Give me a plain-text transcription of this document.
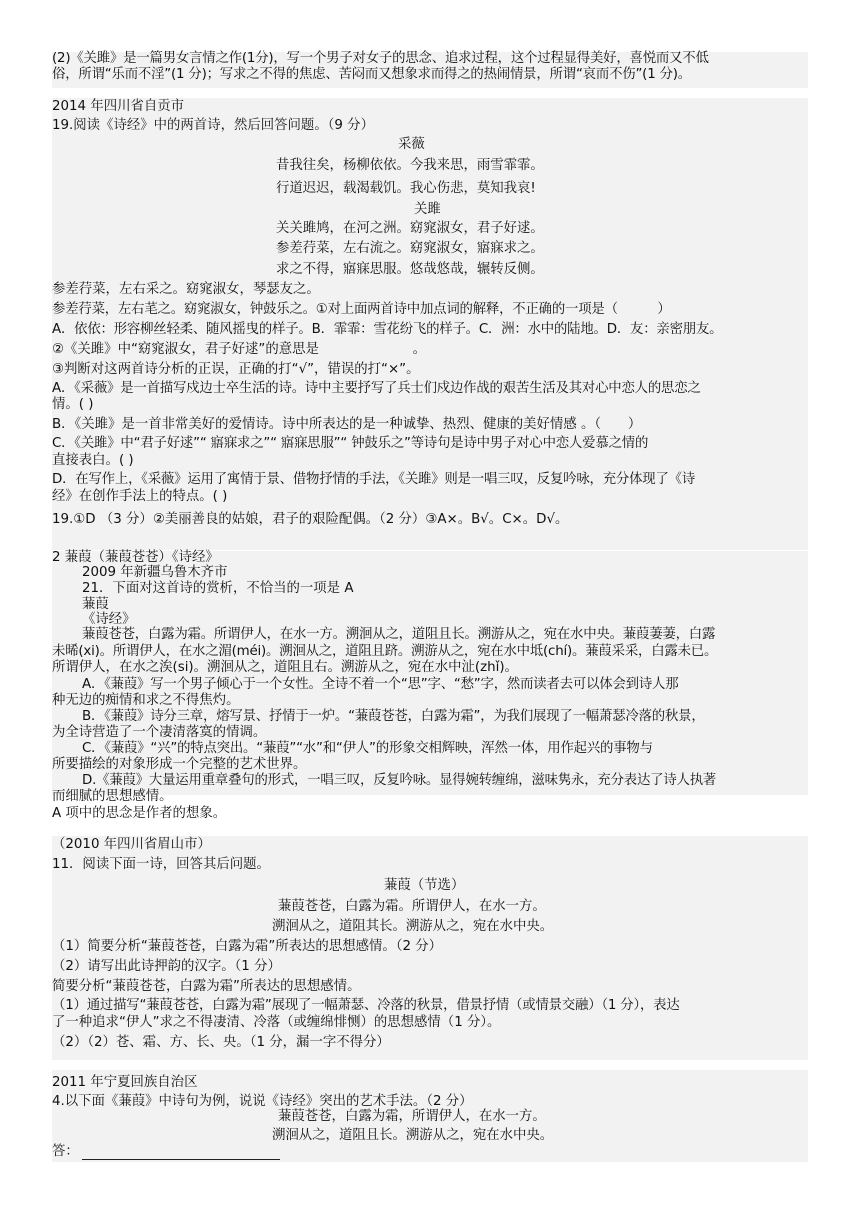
(2)《关雎》是一篇男女言情之作(1分)，写一个男子对女子的思念、追求过程，这个过程显得美好，喜悦而又不低
俗，所谓“乐而不淫”(1 分)；写求之不得的焦虑、苦闷而又想象求而得之的热闹情景，所谓“哀而不伤”(1 分)。
2014 年四川省自贡市
19.阅读《诗经》中的两首诗，然后回答问题。（9 分）
采薇
昔我往矣，杨柳依依。今我来思，雨雪霏霏。
行道迟迟，载渴载饥。我心伤悲，莫知我哀!
关雎
关关雎鸠，在河之洲。窈窕淑女，君子好逑。
参差荇菜，左右流之。窈窕淑女，寤寐求之。
求之不得，寤寐思服。悠哉悠哉，辗转反侧。
参差荇菜，左右采之。窈窕淑女，琴瑟友之。
参差荇菜，左右芼之。窈窕淑女，钟鼓乐之。①对上面两首诗中加点词的解释，不正确的一项是（　　　）
A．依依：形容柳丝轻柔、随风摇曳的样子。B．霏霏：雪花纷飞的样子。C．洲：水中的陆地。D．友：亲密朋友。
②《关雎》中“窈窕淑女，君子好逑”的意思是　　　　　　　。
③判断对这两首诗分析的正误，正确的打“√”，错误的打“×”。
A．《采薇》是一首描写戍边士卒生活的诗。诗中主要抒写了兵士们戍边作战的艰苦生活及其对心中恋人的思恋之
情。( )
B．《关雎》是一首非常美好的爱情诗。诗中所表达的是一种诚挚、热烈、健康的美好情感 。（　　）
C．《关雎》中“君子好逑”“ 寤寐求之”“ 寤寐思服”“ 钟鼓乐之”等诗句是诗中男子对心中恋人爱慕之情的
直接表白。( )
D．在写作上，《采薇》运用了寓情于景、借物抒情的手法，《关雎》则是一唱三叹，反复吟咏，充分体现了《诗
经》在创作手法上的特点。( )
19.①D （3 分）②美丽善良的姑娘，君子的艰险配偶。（2 分）③A×。B√。C×。D√。
2 蒹葭（蒹葭苍苍）《诗经》
2009 年新疆乌鲁木齐市
21．下面对这首诗的赏析，不恰当的一项是 A
蒹葭
《诗经》
蒹葭苍苍，白露为霜。所谓伊人，在水一方。溯洄从之，道阻且长。溯游从之，宛在水中央。蒹葭萋萋，白露
未晞(xi)。所谓伊人，在水之湄(méi)。溯洄从之，道阻且跻。溯游从之，宛在水中坻(chí)。蒹葭采采，白露未已。
所谓伊人，在水之涘(si)。溯洄从之，道阻且右。溯游从之，宛在水中沚(zhǐ)。
A．《蒹葭》写一个男子倾心于一个女性。全诗不着一个“思”字、“愁”字，然而读者去可以体会到诗人那
种无边的痴情和求之不得焦灼。
B．《蒹葭》诗分三章，熔写景、抒情于一炉。“蒹葭苍苍，白露为霜”，为我们展现了一幅萧瑟冷落的秋景，
为全诗营造了一个凄清落寞的情调。
C．《蒹葭》“兴”的特点突出。“蒹葭”“水”和“伊人”的形象交相辉映，浑然一体，用作起兴的事物与
所要描绘的对象形成一个完整的艺术世界。
D.《蒹葭》大量运用重章叠句的形式，一唱三叹，反复吟咏。显得婉转缠绵，滋味隽永，充分表达了诗人执著
而细腻的思想感情。
A 项中的思念是作者的想象。
（2010 年四川省眉山市）
11．阅读下面一诗，回答其后问题。
蒹葭（节选）
蒹葭苍苍，白露为霜。所谓伊人，在水一方。
溯洄从之，道阻其长。溯游从之，宛在水中央。
（1）简要分析“蒹葭苍苍，白露为霜”所表达的思想感情。（2 分）
（2）请写出此诗押韵的汉字。（1 分）
简要分析“蒹葭苍苍，白露为霜”所表达的思想感情。
（1）通过描写“蒹葭苍苍，白露为霜”展现了一幅萧瑟、冷落的秋景，借景抒情（或情景交融）（1 分），表达
了一种追求“伊人”求之不得凄清、冷落（或缠绵悱恻）的思想感情（1 分）。
（2）（2）苍、霜、方、长、央。（1 分，漏一字不得分）
2011 年宁夏回族自治区
4.以下面《蒹葭》中诗句为例，说说《诗经》突出的艺术手法。（2 分）
蒹葭苍苍，白露为霜，所谓伊人，在水一方。
溯洄从之，道阻且长。溯游从之，宛在水中央。
答：
